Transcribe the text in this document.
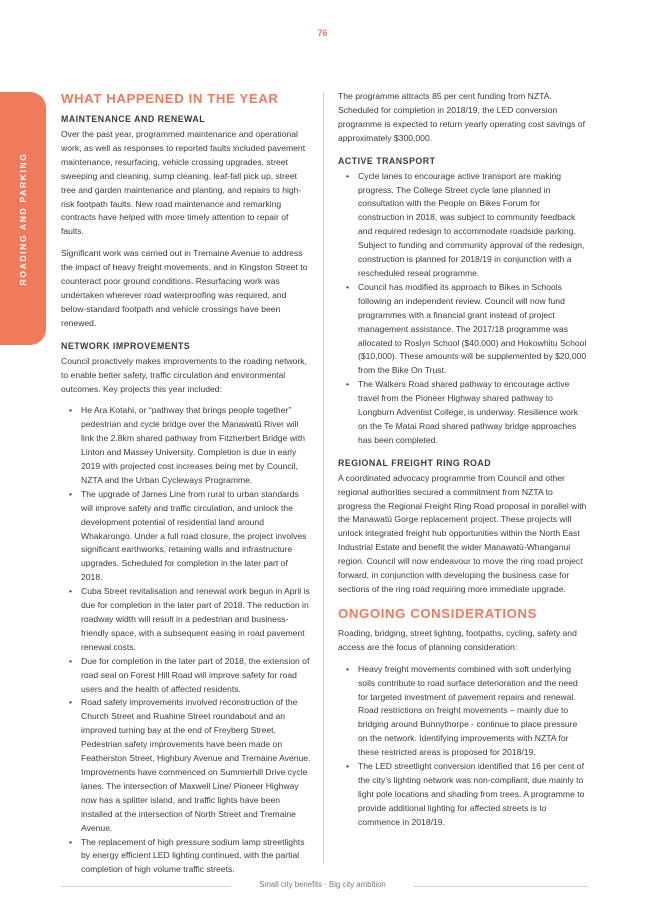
76
ROADING AND PARKING
WHAT HAPPENED IN THE YEAR
MAINTENANCE AND RENEWAL

Over the past year, programmed maintenance and operational work, as well as responses to reported faults included pavement maintenance, resurfacing, vehicle crossing upgrades, street sweeping and cleaning, sump cleaning, leaf-fall pick up, street tree and garden maintenance and planting, and repairs to high-risk footpath faults. New road maintenance and remarking contracts have helped with more timely attention to repair of faults.

Significant work was carried out in Tremaine Avenue to address the impact of heavy freight movements, and in Kingston Street to counteract poor ground conditions. Resurfacing work was undertaken wherever road waterproofing was required, and below-standard footpath and vehicle crossings have been renewed.

NETWORK IMPROVEMENTS

Council proactively makes improvements to the roading network, to enable better safety, traffic circulation and environmental outcomes. Key projects this year included:

• He Ara Kotahi, or “pathway that brings people together” pedestrian and cycle bridge over the Manawatū River will link the 2.8km shared pathway from Fitzherbert Bridge with Linton and Massey University. Completion is due in early 2019 with projected cost increases being met by Council, NZTA and the Urban Cycleways Programme.
• The upgrade of James Line from rural to urban standards will improve safety and traffic circulation, and unlock the development potential of residential land around Whakarongo. Under a full road closure, the project involves significant earthworks, retaining walls and infrastructure upgrades. Scheduled for completion in the later part of 2018.
• Cuba Street revitalisation and renewal work begun in April is due for completion in the later part of 2018. The reduction in roadway width will result in a pedestrian and business-friendly space, with a subsequent easing in road pavement renewal costs.
• Due for completion in the later part of 2018, the extension of road seal on Forest Hill Road will improve safety for road users and the health of affected residents.
• Road safety improvements involved reconstruction of the Church Street and Ruahine Street roundabout and an improved turning bay at the end of Freyberg Street. Pedestrian safety improvements have been made on Featherston Street, Highbury Avenue and Tremaine Avenue. Improvements have commenced on Summerhill Drive cycle lanes. The intersection of Maxwell Line/ Pioneer Highway now has a splitter island, and traffic lights have been installed at the intersection of North Street and Tremaine Avenue.
• The replacement of high pressure sodium lamp streetlights by energy efficient LED lighting continued, with the partial completion of high volume traffic streets.

The programme attracts 85 per cent funding from NZTA. Scheduled for completion in 2018/19, the LED conversion programme is expected to return yearly operating cost savings of approximately $300,000.

ACTIVE TRANSPORT
• Cycle lanes to encourage active transport are making progress. The College Street cycle lane planned in consultation with the People on Bikes Forum for construction in 2018, was subject to community feedback and required redesign to accommodate roadside parking. Subject to funding and community approval of the redesign, construction is planned for 2018/19 in conjunction with a rescheduled reseal programme.
• Council has modified its approach to Bikes in Schools following an independent review. Council will now fund programmes with a financial grant instead of project management assistance. The 2017/18 programme was allocated to Roslyn School ($40,000) and Hokowhitu School ($10,000). These amounts will be supplemented by $20,000 from the Bike On Trust.
• The Walkers Road shared pathway to encourage active travel from the Pioneer Highway shared pathway to Longburn Adventist College, is underway. Resilience work on the Te Matai Road shared pathway bridge approaches has been completed.
REGIONAL FREIGHT RING ROAD

A coordinated advocacy programme from Council and other regional authorities secured a commitment from NZTA to progress the Regional Freight Ring Road proposal in parallel with the Manawatū Gorge replacement project. These projects will unlock integrated freight hub opportunities within the North East Industrial Estate and benefit the wider Manawatū-Whanganui region. Council will now endeavour to move the ring road project forward, in conjunction with developing the business case for sections of the ring road requiring more immediate upgrade.

ONGOING CONSIDERATIONS

Roading, bridging, street lighting, footpaths, cycling, safety and access are the focus of planning consideration:

• Heavy freight movements combined with soft underlying soils contribute to road surface deterioration and the need for targeted investment of pavement repairs and renewal. Road restrictions on freight movements – mainly due to bridging around Bunnythorpe - continue to place pressure on the network. Identifying improvements with NZTA for these restricted areas is proposed for 2018/19.
• The LED streetlight conversion identified that 16 per cent of the city’s lighting network was non-compliant, due mainly to light pole locations and shading from trees. A programme to provide additional lighting for affected streets is to commence in 2018/19.
Small city benefits · Big city ambition
